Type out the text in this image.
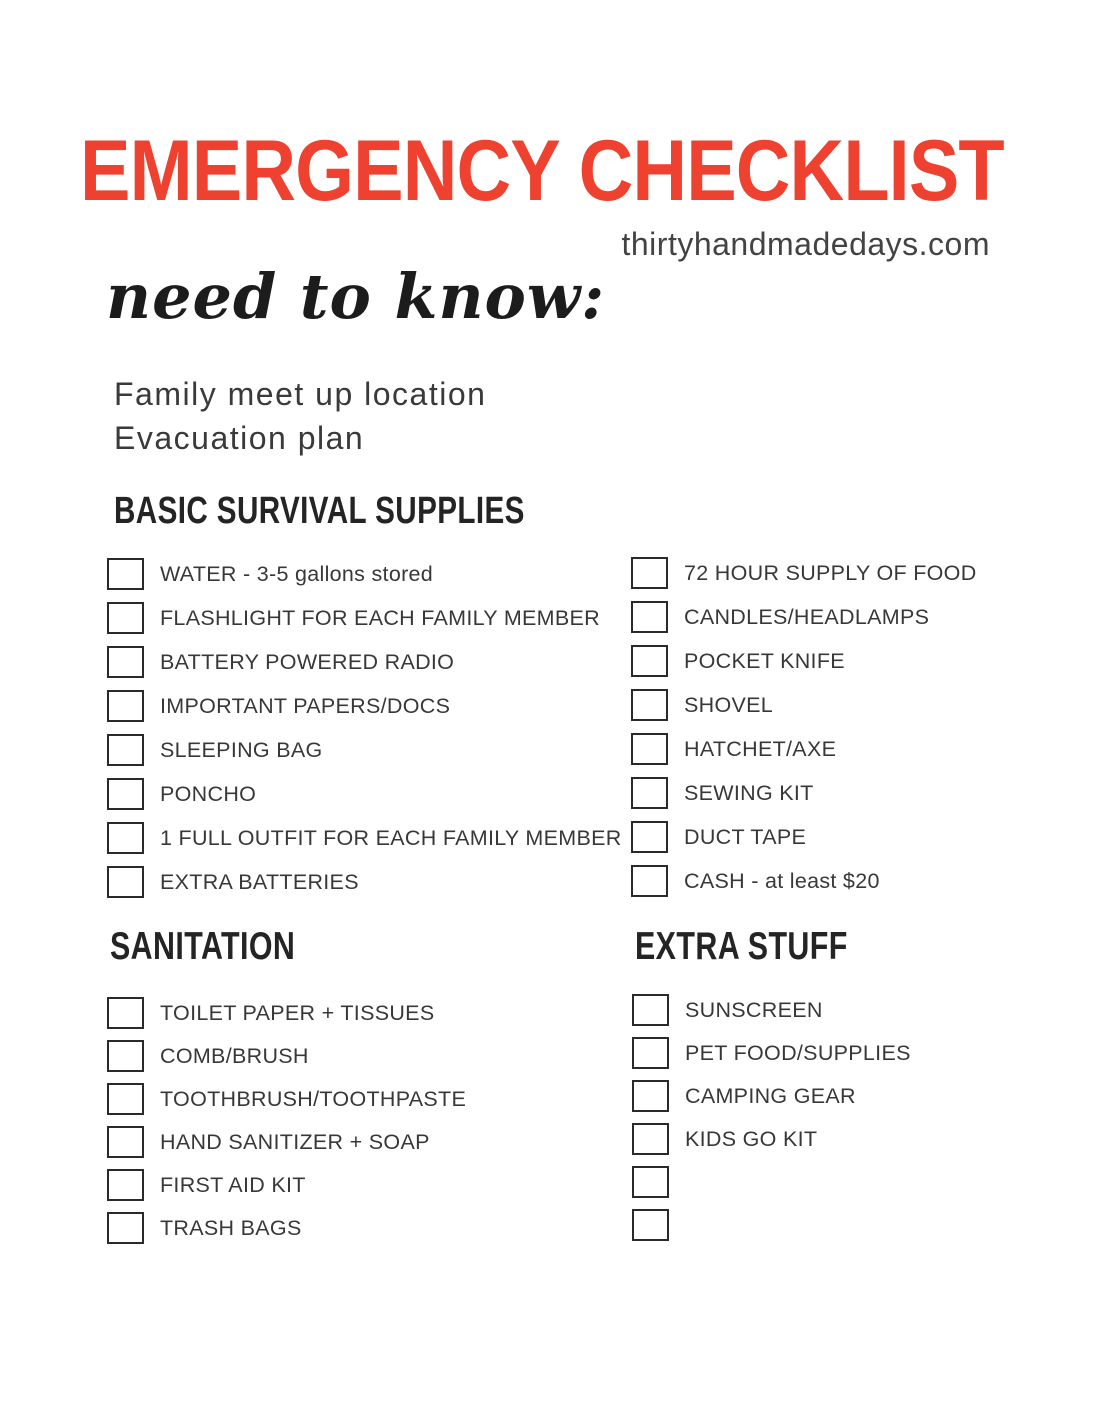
EMERGENCY CHECKLIST
thirtyhandmadedays.com
need to know:
Family meet up location
Evacuation plan
BASIC SURVIVAL SUPPLIES
WATER - 3-5 gallons stored
FLASHLIGHT FOR EACH FAMILY MEMBER
BATTERY POWERED RADIO
IMPORTANT PAPERS/DOCS
SLEEPING BAG
PONCHO
1 FULL OUTFIT FOR EACH FAMILY MEMBER
EXTRA BATTERIES
72 HOUR SUPPLY OF FOOD
CANDLES/HEADLAMPS
POCKET KNIFE
SHOVEL
HATCHET/AXE
SEWING KIT
DUCT TAPE
CASH - at least $20
SANITATION	EXTRA STUFF
TOILET PAPER + TISSUES
COMB/BRUSH
TOOTHBRUSH/TOOTHPASTE
HAND SANITIZER + SOAP
FIRST AID KIT
TRASH BAGS
SUNSCREEN
PET FOOD/SUPPLIES
CAMPING GEAR
KIDS GO KIT
